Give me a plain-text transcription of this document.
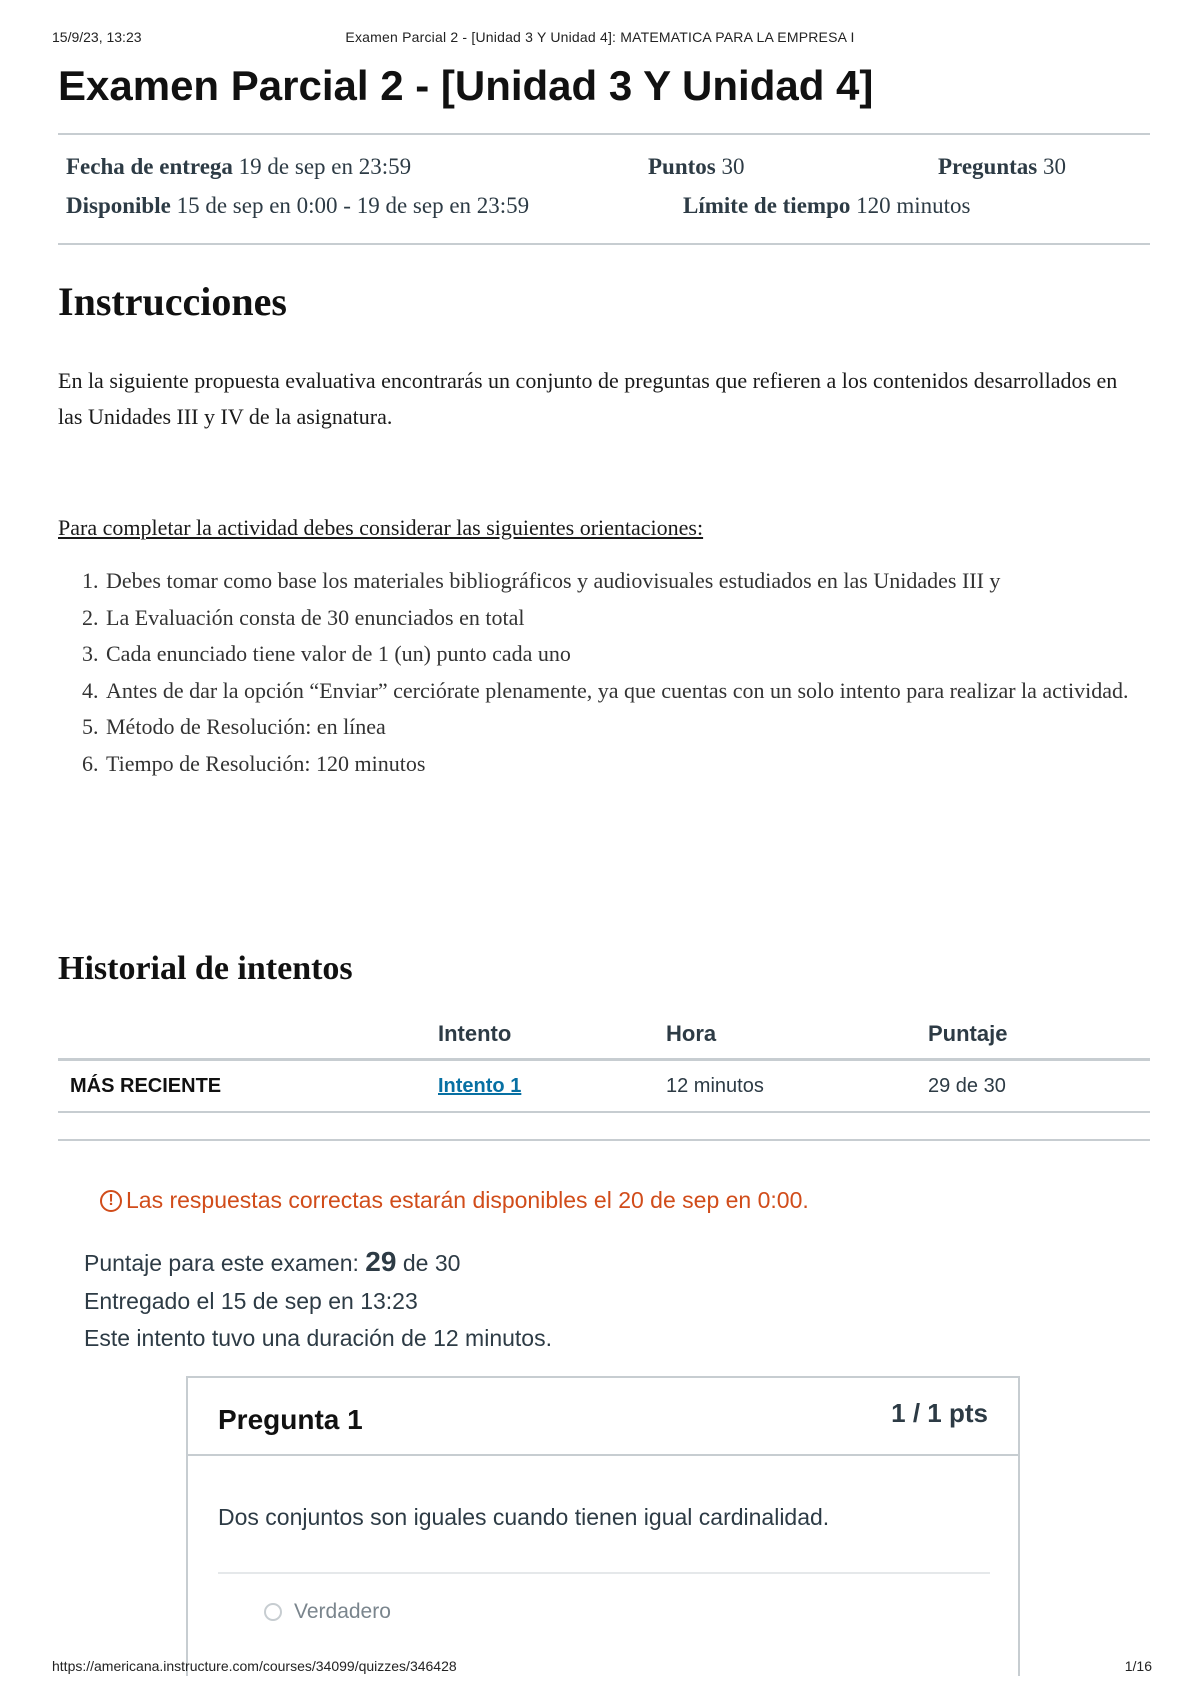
15/9/23, 13:23	Examen Parcial 2 - [Unidad 3 Y Unidad 4]: MATEMATICA PARA LA EMPRESA I
Examen Parcial 2 - [Unidad 3 Y Unidad 4]
Fecha de entrega 19 de sep en 23:59	Puntos 30	Preguntas 30
Disponible 15 de sep en 0:00 - 19 de sep en 23:59	Límite de tiempo 120 minutos
Instrucciones

En la siguiente propuesta evaluativa encontrarás un conjunto de preguntas que refieren a los contenidos desarrollados en las Unidades III y IV de la asignatura.

Para completar la actividad debes considerar las siguientes orientaciones:

1. Debes tomar como base los materiales bibliográficos y audiovisuales estudiados en las Unidades III y
2. La Evaluación consta de 30 enunciados en total
3. Cada enunciado tiene valor de 1 (un) punto cada uno
4. Antes de dar la opción “Enviar” cerciórate plenamente, ya que cuentas con un solo intento para realizar la actividad.
5. Método de Resolución: en línea
6. Tiempo de Resolución: 120 minutos
Historial de intentos
	Intento	Hora	Puntaje
MÁS RECIENTE	Intento 1	12 minutos	29 de 30
! Las respuestas correctas estarán disponibles el 20 de sep en 0:00.
Puntaje para este examen: 29 de 30
Entregado el 15 de sep en 13:23
Este intento tuvo una duración de 12 minutos.
Pregunta 1	1 / 1 pts
Dos conjuntos son iguales cuando tienen igual cardinalidad.
Verdadero
https://americana.instructure.com/courses/34099/quizzes/346428	1/16
